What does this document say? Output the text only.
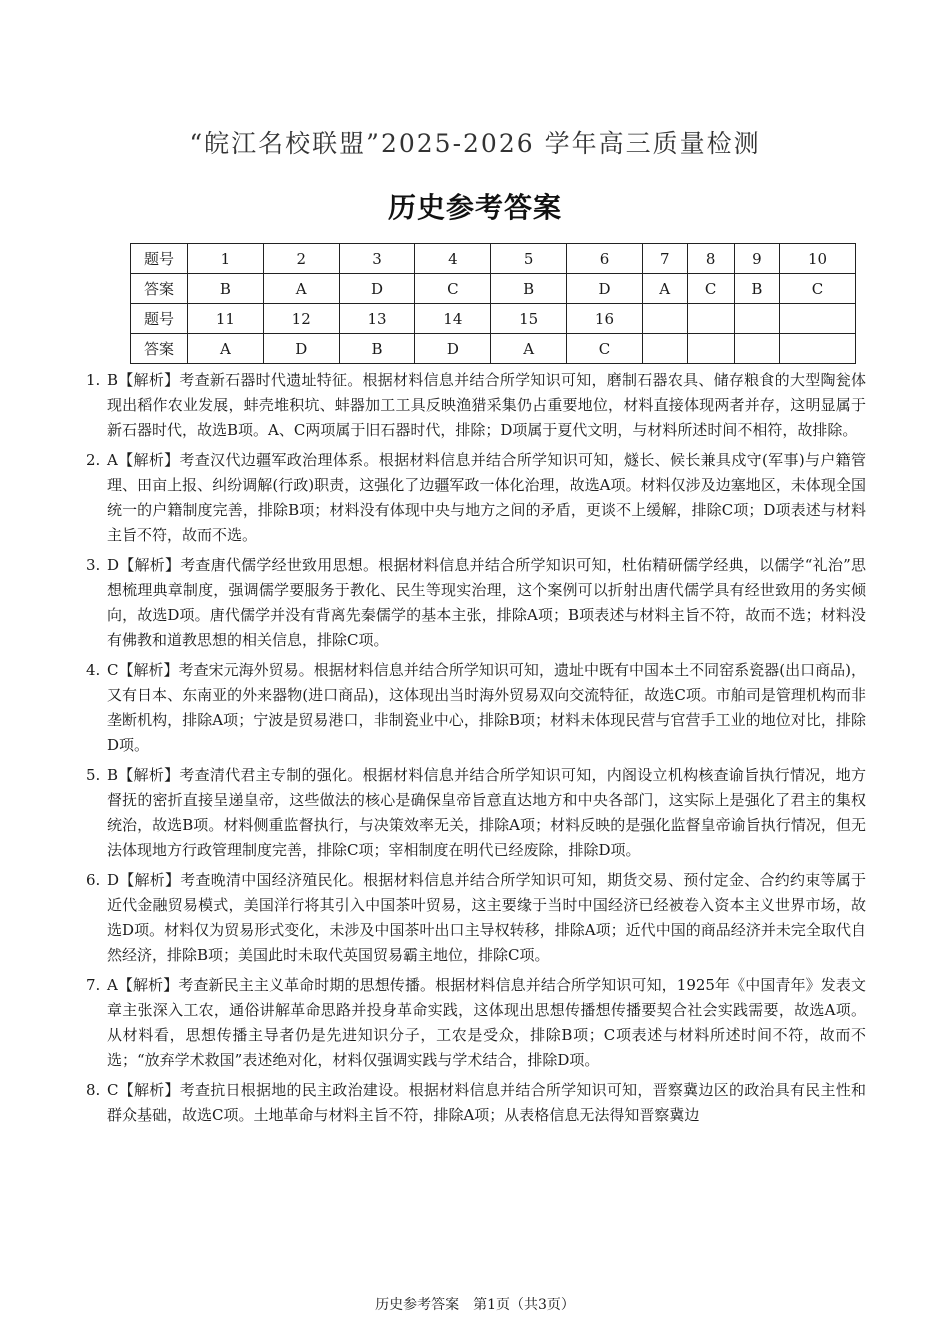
“皖江名校联盟”2025-2026 学年高三质量检测
历史参考答案
题号	1	2	3	4	5	6	7	8	9	10
答案	B	A	D	C	B	D	A	C	B	C
题号	11	12	13	14	15	16				
答案	A	D	B	D	A	C				
1. B【解析】考查新石器时代遗址特征。根据材料信息并结合所学知识可知，磨制石器农具、储存粮食的大型陶瓮体现出稻作农业发展，蚌壳堆积坑、蚌器加工工具反映渔猎采集仍占重要地位，材料直接体现两者并存，这明显属于新石器时代，故选B项。A、C两项属于旧石器时代，排除；D项属于夏代文明，与材料所述时间不相符，故排除。
2. A【解析】考查汉代边疆军政治理体系。根据材料信息并结合所学知识可知，燧长、候长兼具戍守(军事)与户籍管理、田亩上报、纠纷调解(行政)职责，这强化了边疆军政一体化治理，故选A项。材料仅涉及边塞地区，未体现全国统一的户籍制度完善，排除B项；材料没有体现中央与地方之间的矛盾，更谈不上缓解，排除C项；D项表述与材料主旨不符，故而不选。
3. D【解析】考查唐代儒学经世致用思想。根据材料信息并结合所学知识可知，杜佑精研儒学经典，以儒学“礼治”思想梳理典章制度，强调儒学要服务于教化、民生等现实治理，这个案例可以折射出唐代儒学具有经世致用的务实倾向，故选D项。唐代儒学并没有背离先秦儒学的基本主张，排除A项；B项表述与材料主旨不符，故而不选；材料没有佛教和道教思想的相关信息，排除C项。
4. C【解析】考查宋元海外贸易。根据材料信息并结合所学知识可知，遗址中既有中国本土不同窑系瓷器(出口商品)，又有日本、东南亚的外来器物(进口商品)，这体现出当时海外贸易双向交流特征，故选C项。市舶司是管理机构而非垄断机构，排除A项；宁波是贸易港口，非制瓷业中心，排除B项；材料未体现民营与官营手工业的地位对比，排除D项。
5. B【解析】考查清代君主专制的强化。根据材料信息并结合所学知识可知，内阁设立机构核查谕旨执行情况，地方督抚的密折直接呈递皇帝，这些做法的核心是确保皇帝旨意直达地方和中央各部门，这实际上是强化了君主的集权统治，故选B项。材料侧重监督执行，与决策效率无关，排除A项；材料反映的是强化监督皇帝谕旨执行情况，但无法体现地方行政管理制度完善，排除C项；宰相制度在明代已经废除，排除D项。
6. D【解析】考查晚清中国经济殖民化。根据材料信息并结合所学知识可知，期货交易、预付定金、合约约束等属于近代金融贸易模式，美国洋行将其引入中国茶叶贸易，这主要缘于当时中国经济已经被卷入资本主义世界市场，故选D项。材料仅为贸易形式变化，未涉及中国茶叶出口主导权转移，排除A项；近代中国的商品经济并未完全取代自然经济，排除B项；美国此时未取代英国贸易霸主地位，排除C项。
7. A【解析】考查新民主主义革命时期的思想传播。根据材料信息并结合所学知识可知，1925年《中国青年》发表文章主张深入工农，通俗讲解革命思路并投身革命实践，这体现出思想传播想传播要契合社会实践需要，故选A项。从材料看，思想传播主导者仍是先进知识分子，工农是受众，排除B项；C项表述与材料所述时间不符，故而不选；“放弃学术救国”表述绝对化，材料仅强调实践与学术结合，排除D项。
8. C【解析】考查抗日根据地的民主政治建设。根据材料信息并结合所学知识可知，晋察冀边区的政治具有民主性和群众基础，故选C项。土地革命与材料主旨不符，排除A项；从表格信息无法得知晋察冀边
历史参考答案　第1页（共3页）
